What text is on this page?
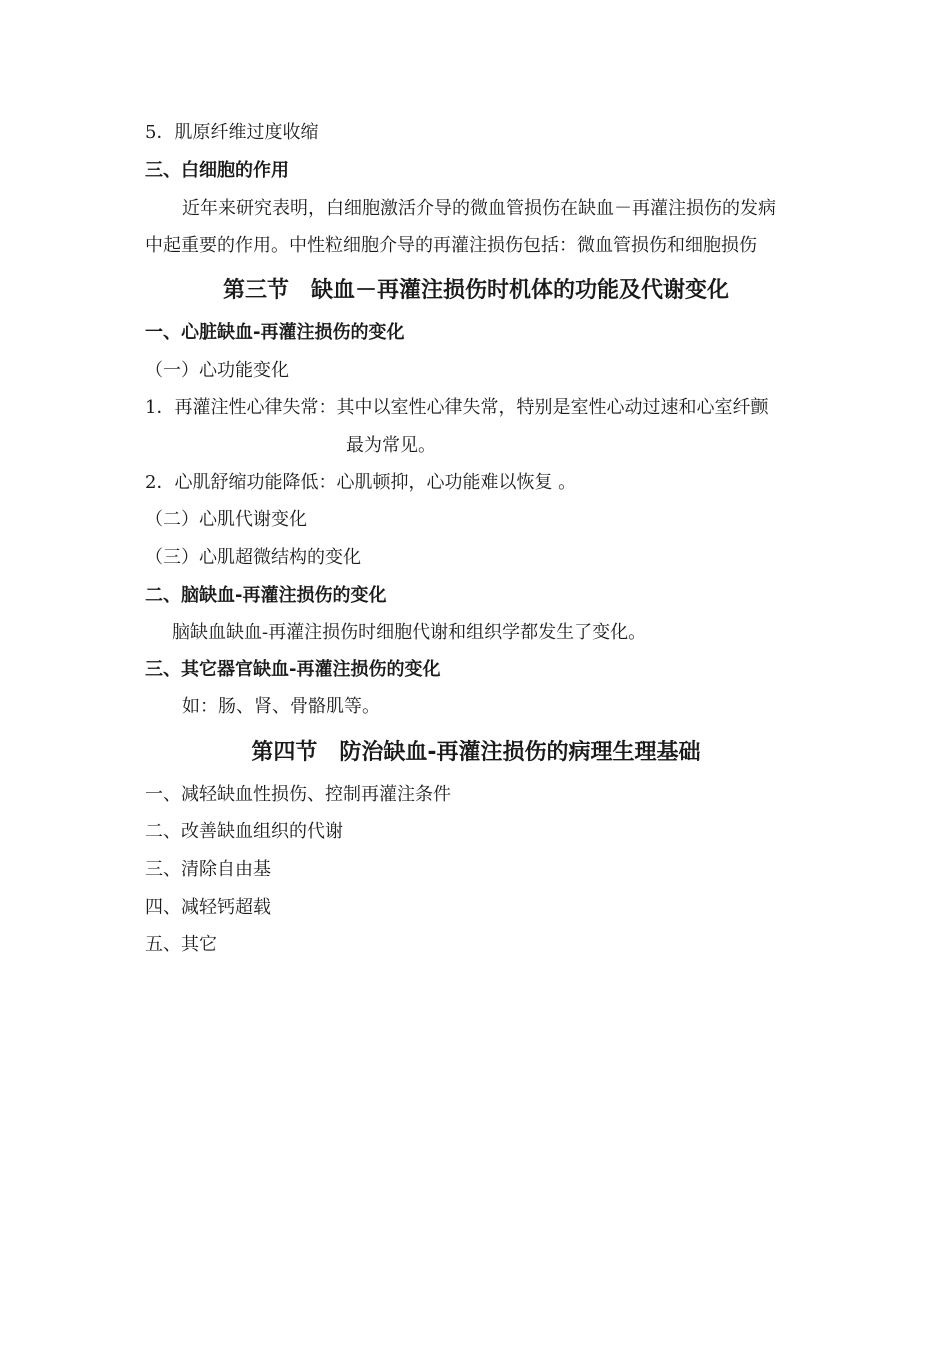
5．肌原纤维过度收缩
三、白细胞的作用
近年来研究表明，白细胞激活介导的微血管损伤在缺血－再灌注损伤的发病
中起重要的作用。中性粒细胞介导的再灌注损伤包括：微血管损伤和细胞损伤
第三节　缺血－再灌注损伤时机体的功能及代谢变化
一、心脏缺血-再灌注损伤的变化
（一）心功能变化
1．再灌注性心律失常：其中以室性心律失常，特别是室性心动过速和心室纤颤
最为常见。
2．心肌舒缩功能降低：心肌顿抑，心功能难以恢复 。
（二）心肌代谢变化
（三）心肌超微结构的变化
二、脑缺血-再灌注损伤的变化
脑缺血缺血-再灌注损伤时细胞代谢和组织学都发生了变化。
三、其它器官缺血-再灌注损伤的变化
如：肠、肾、骨骼肌等。
第四节　防治缺血-再灌注损伤的病理生理基础
一、减轻缺血性损伤、控制再灌注条件
二、改善缺血组织的代谢
三、清除自由基
四、减轻钙超载
五、其它
